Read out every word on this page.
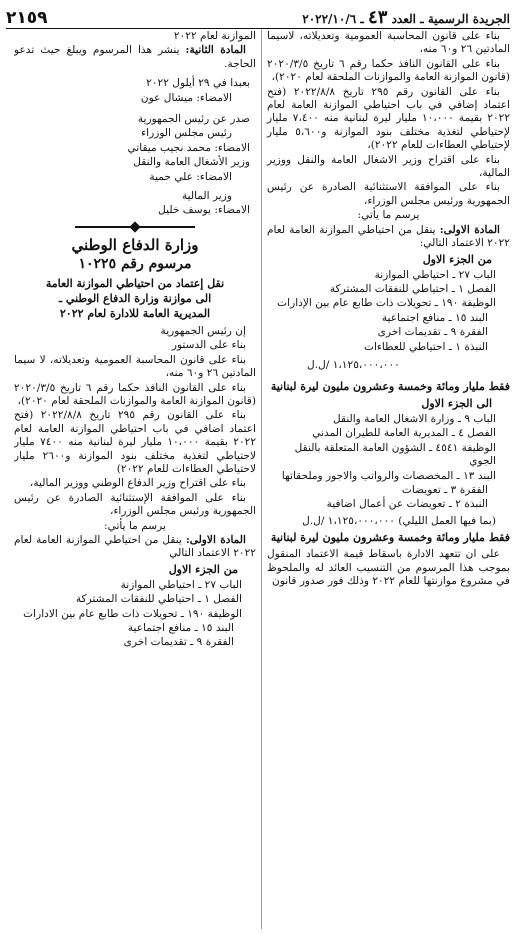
الجريدة الرسمية ـ العدد ٤٣ ـ ٢٠٢٢/١٠/٦
٢١٥٩

بناء على قانون المحاسبة العمومية وتعديلاته، لاسيما المادتين ٢٦ و٦٠ منه،

بناء على القانون النافذ حكما رقم ٦ تاريخ ٢٠٢٠/٣/٥ (قانون الموازنة العامة والموازنات الملحقة لعام ٢٠٢٠)،

بناء على القانون رقم ٢٩٥ تاريخ ٢٠٢٢/٨/٨ (فتح اعتماد إضافي في باب احتياطي الموازنة العامة لعام ٢٠٢٢ بقيمة ١٠،٠٠٠ مليار ليرة لبنانية منه ٧،٤٠٠ مليار لإحتياطي لتغذية مختلف بنود الموازنة و٥،٦٠٠ مليار لإحتياطي العطاءات للعام ٢٠٢٢)،

بناء على اقتراح وزير الاشغال العامة والنقل ووزير المالية،

بناء على الموافقة الاستثنائية الصادرة عن رئيس الجمهورية ورئيس مجلس الوزراء،

يرسم ما يأتي:

المادة الاولى: ينقل من احتياطي الموازنة العامة لعام ٢٠٢٢ الاعتماد التالي:

من الجزء الاول

الباب ٢٧ ـ احتياطي الموازنة

الفصل ١ ـ احتياطي للنفقات المشتركة

الوظيفة ١٩٠ ـ تحويلات ذات طابع عام بين الإدارات

البند ١٥ ـ منافع اجتماعية

الفقرة ٩ ـ تقديمات اخرى

النبذة ١ ـ احتياطي للعطاءات

١،١٢٥،٠٠٠،٠٠٠ /ل.ل

فقط مليار ومائة وخمسة وعشرون مليون ليرة لبنانية

الى الجزء الاول

الباب ٩ ـ وزارة الاشغال العامة والنقل

الفصل ٤ ـ المديرية العامة للطيران المدني

الوظيفة ٤٥٤١ ـ الشؤون العامة المتعلقة بالنقل الجوي

البند ١٣ ـ المخصصات والرواتب والاجور وملحقاتها

الفقرة ٣ ـ تعويضات

النبذة ٢ ـ تعويضات عن أعمال اضافية

(بما فيها العمل الليلي) ١،١٢٥،٠٠٠،٠٠٠ /ل.ل

فقط مليار ومائة وخمسة وعشرون مليون ليرة لبنانية

على ان تتعهد الادارة باسقاط قيمة الاعتماد المنقول بموجب هذا المرسوم من التنسيب العائد له والملحوظ في مشروع موازنتها للعام ٢٠٢٢ وذلك فور صدور قانون

الموازنة لعام ٢٠٢٢

المادة الثانية: ينشر هذا المرسوم ويبلغ حيث تدعو الحاجة.

بعبدا في ٢٩ أيلول ٢٠٢٢

الامضاء: ميشال عون

صدر عن رئيس الجمهورية

رئيس مجلس الوزراء

الامضاء: محمد نجيب ميقاتي

وزير الأشغال العامة والنقل

الامضاء: علي حمية

وزير المالية

الامضاء: يوسف خليل

وزارة الدفاع الوطني

مرسوم رقم ١٠٢٢٥

نقل إعتماد من احتياطي الموازنة العامة

الى موازنة وزارة الدفاع الوطني ـ

المديرية العامة للادارة لعام ٢٠٢٢

إن رئيس الجمهورية

بناء على الدستور

بناء على قانون المحاسبة العمومية وتعديلاته، لا سيما المادتين ٢٦ و٦٠ منه،

بناء على القانون النافذ حكما رقم ٦ تاريخ ٢٠٢٠/٣/٥ (قانون الموازنة العامة والموازنات الملحقة لعام ٢٠٢٠)،

بناء على القانون رقم ٢٩٥ تاريخ ٢٠٢٢/٨/٨ (فتح اعتماد اضافي في باب احتياطي الموازنة العامة لعام ٢٠٢٢ بقيمة ١٠،٠٠٠ مليار ليرة لبنانية منه ٧٤٠٠ مليار لاحتياطي لتغذية مختلف بنود الموازنة و٢٦٠٠ مليار لاحتياطي العطاءات للعام ٢٠٢٢)

بناء على اقتراح وزير الدفاع الوطني ووزير المالية،

بناء على الموافقة الإستثنائية الصادرة عن رئيس الجمهورية ورئيس مجلس الوزراء،

يرسم ما يأتي:

المادة الاولى: ينقل من احتياطي الموازنة العامة لعام ٢٠٢٢ الاعتماد التالي

من الجزء الاول

الباب ٢٧ ـ احتياطي الموازنة

الفصل ١ ـ احتياطي للنفقات المشتركة

الوظيفة ١٩٠ ـ تحويلات ذات طابع عام بين الادارات

البند ١٥ ـ منافع اجتماعية

الفقرة ٩ ـ تقديمات اخرى
